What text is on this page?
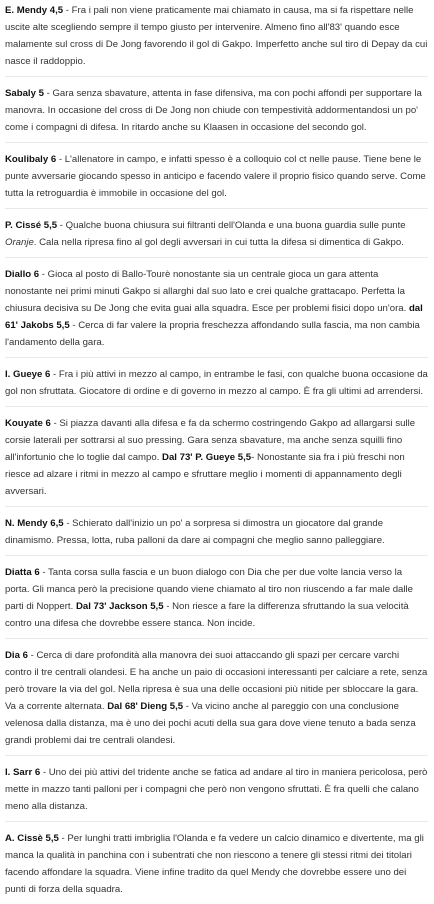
E. Mendy 4,5 - Fra i pali non viene praticamente mai chiamato in causa, ma si fa rispettare nelle uscite alte scegliendo sempre il tempo giusto per intervenire. Almeno fino all'83' quando esce malamente sul cross di De Jong favorendo il gol di Gakpo. Imperfetto anche sul tiro di Depay da cui nasce il raddoppio.

Sabaly 5 - Gara senza sbavature, attenta in fase difensiva, ma con pochi affondi per supportare la manovra. In occasione del cross di De Jong non chiude con tempestività addormentandosi un po' come i compagni di difesa. In ritardo anche su Klaasen in occasione del secondo gol.

Koulibaly 6 - L'allenatore in campo, e infatti spesso è a colloquio col ct nelle pause. Tiene bene le punte avversarie giocando spesso in anticipo e facendo valere il proprio fisico quando serve. Come tutta la retroguardia è immobile in occasione del gol.

P. Cissé 5,5 - Qualche buona chiusura sui filtranti dell'Olanda e una buona guardia sulle punte Oranje. Cala nella ripresa fino al gol degli avversari in cui tutta la difesa si dimentica di Gakpo.

Diallo 6 - Gioca al posto di Ballo-Tourè nonostante sia un centrale gioca un gara attenta nonostante nei primi minuti Gakpo si allarghi dal suo lato e crei qualche grattacapo. Perfetta la chiusura decisiva su De Jong che evita guai alla squadra. Esce per problemi fisici dopo un'ora. dal 61' Jakobs 5,5 - Cerca di far valere la propria freschezza affondando sulla fascia, ma non cambia l'andamento della gara.

I. Gueye 6 - Fra i più attivi in mezzo al campo, in entrambe le fasi, con qualche buona occasione da gol non sfruttata. Giocatore di ordine e di governo in mezzo al campo. È fra gli ultimi ad arrendersi.

Kouyate 6 - Si piazza davanti alla difesa e fa da schermo costringendo Gakpo ad allargarsi sulle corsie laterali per sottrarsi al suo pressing. Gara senza sbavature, ma anche senza squilli fino all'infortunio che lo toglie dal campo. Dal 73' P. Gueye 5,5- Nonostante sia fra i più freschi non riesce ad alzare i ritmi in mezzo al campo e sfruttare meglio i momenti di appannamento degli avversari.

N. Mendy 6,5 - Schierato dall'inizio un po' a sorpresa si dimostra un giocatore dal grande dinamismo. Pressa, lotta, ruba palloni da dare ai compagni che meglio sanno palleggiare.

Diatta 6 - Tanta corsa sulla fascia e un buon dialogo con Dia che per due volte lancia verso la porta. Gli manca però la precisione quando viene chiamato al tiro non riuscendo a far male dalle parti di Noppert. Dal 73' Jackson 5,5 - Non riesce a fare la differenza sfruttando la sua velocità contro una difesa che dovrebbe essere stanca. Non incide.

Dia 6 - Cerca di dare profondità alla manovra dei suoi attaccando gli spazi per cercare varchi contro il tre centrali olandesi. E ha anche un paio di occasioni interessanti per calciare a rete, senza però trovare la via del gol. Nella ripresa è sua una delle occasioni più nitide per sbloccare la gara. Va a corrente alternata. Dal 68' Dieng 5,5 - Va vicino anche al pareggio con una conclusione velenosa dalla distanza, ma è uno dei pochi acuti della sua gara dove viene tenuto a bada senza grandi problemi dai tre centrali olandesi.

I. Sarr 6 - Uno dei più attivi del tridente anche se fatica ad andare al tiro in maniera pericolosa, però mette in mazzo tanti palloni per i compagni che però non vengono sfruttati. È fra quelli che calano meno alla distanza.

A. Cissè 5,5 - Per lunghi tratti imbriglia l'Olanda e fa vedere un calcio dinamico e divertente, ma gli manca la qualità in panchina con i subentrati che non riescono a tenere gli stessi ritmi dei titolari facendo affondare la squadra. Viene infine tradito da quel Mendy che dovrebbe essere uno dei punti di forza della squadra.
